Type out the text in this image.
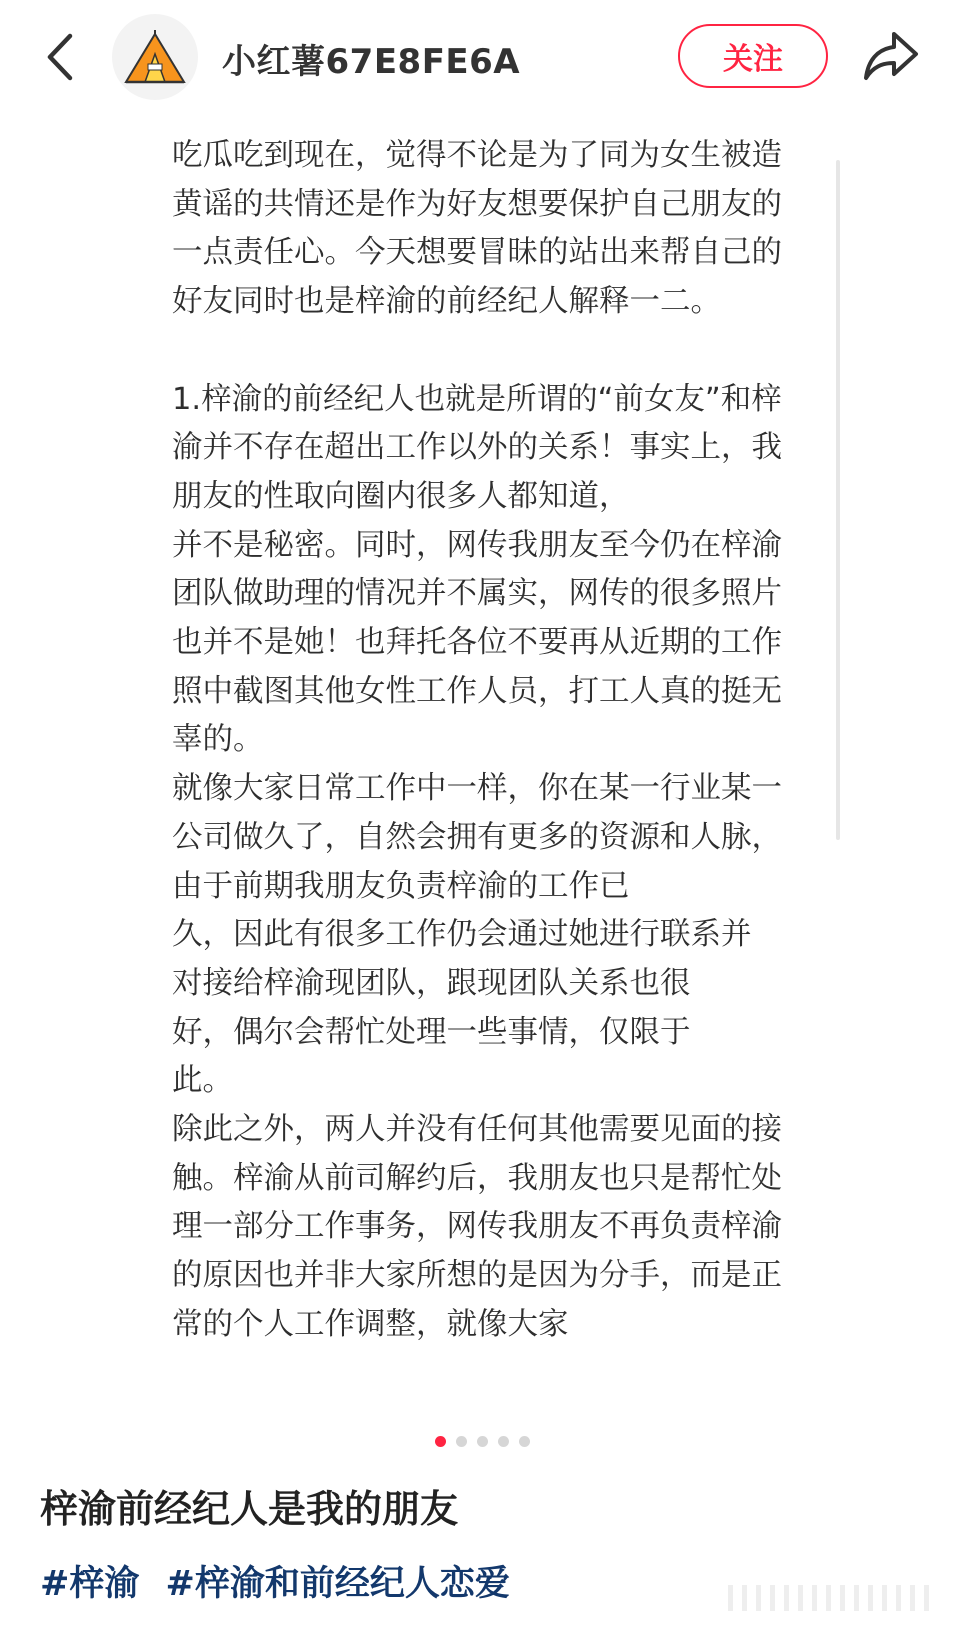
小红薯67E8FE6A	关注

吃瓜吃到现在，觉得不论是为了同为女生被造黄谣的共情还是作为好友想要保护自己朋友的一点责任心。今天想要冒昧的站出来帮自己的好友同时也是梓渝的前经纪人解释一二。

1.梓渝的前经纪人也就是所谓的“前女友”和梓渝并不存在超出工作以外的关系！事实上，我朋友的性取向圈内很多人都知道，

并不是秘密。同时，网传我朋友至今仍在梓渝团队做助理的情况并不属实，网传的很多照片也并不是她！也拜托各位不要再从近期的工作照中截图其他女性工作人员，打工人真的挺无辜的。

就像大家日常工作中一样，你在某一行业某一公司做久了，自然会拥有更多的资源和人脉，由于前期我朋友负责梓渝的工作已

久，因此有很多工作仍会通过她进行联系并

对接给梓渝现团队，跟现团队关系也很

好，偶尔会帮忙处理一些事情，仅限于

此。

除此之外，两人并没有任何其他需要见面的接触。梓渝从前司解约后，我朋友也只是帮忙处理一部分工作事务，网传我朋友不再负责梓渝的原因也并非大家所想的是因为分手，而是正常的个人工作调整，就像大家

梓渝前经纪人是我的朋友
#梓渝 #梓渝和前经纪人恋爱
